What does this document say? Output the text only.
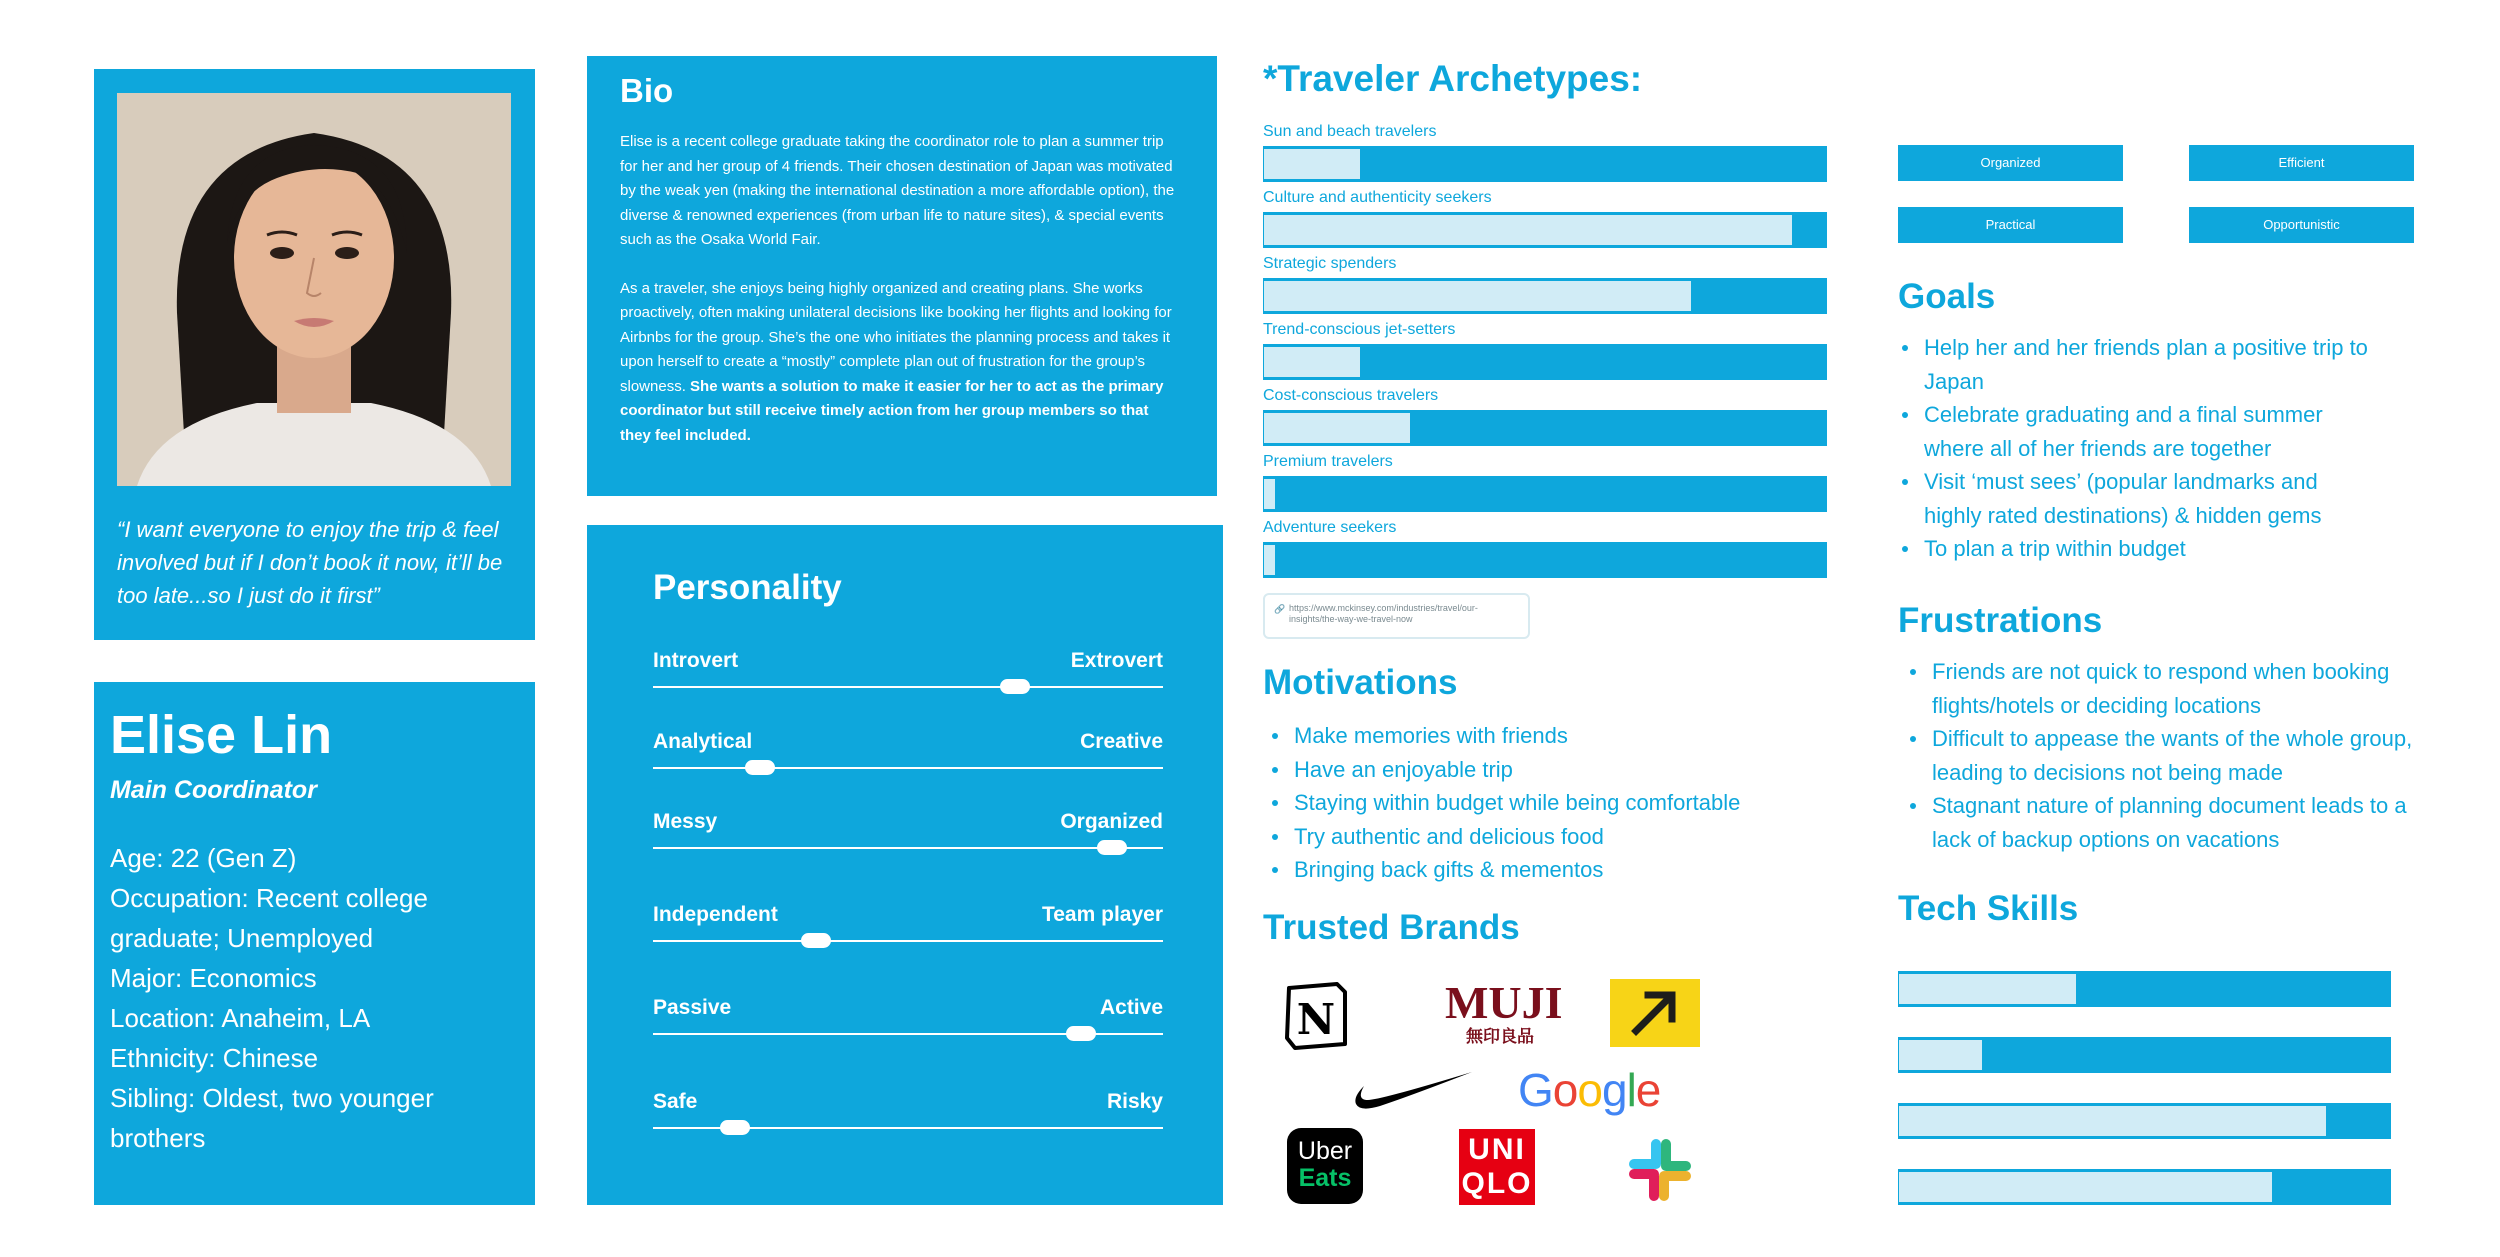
“I want everyone to enjoy the trip & feel involved but if I don’t book it now, it’ll be too late...so I just do it first”
Elise Lin
Main Coordinator
Age: 22 (Gen Z)
Occupation: Recent college graduate; Unemployed
Major: Economics
Location: Anaheim, LA
Ethnicity: Chinese
Sibling: Oldest, two younger brothers
Bio

Elise is a recent college graduate taking the coordinator role to plan a summer trip for her and her group of 4 friends. Their chosen destination of Japan was motivated by the weak yen (making the international destination a more affordable option), the diverse & renowned experiences (from urban life to nature sites), & special events such as the Osaka World Fair.

As a traveler, she enjoys being highly organized and creating plans. She works proactively, often making unilateral decisions like booking her flights and looking for Airbnbs for the group. She’s the one who initiates the planning process and takes it upon herself to create a “mostly” complete plan out of frustration for the group’s slowness. She wants a solution to make it easier for her to act as the primary coordinator but still receive timely action from her group members so that they feel included.

Personality
Introvert	Extrovert
Analytical	Creative
Messy	Organized
Independent	Team player
Passive	Active
Safe	Risky
*Traveler Archetypes:
Sun and beach travelers
Culture and authenticity seekers
Strategic spenders
Trend-conscious jet-setters
Cost-conscious travelers
Premium travelers
Adventure seekers
🔗 https://www.mckinsey.com/industries/travel/our-insights/the-way-we-travel-now
Motivations
Make memories with friends
Have an enjoyable trip
Staying within budget while being comfortable
Try authentic and delicious food
Bringing back gifts & mementos
Trusted Brands
N MUJI
無印良品
Google
Uber
Eats
UNI
QLO
Organized	Efficient
Practical	Opportunistic
Goals
Help her and her friends plan a positive trip to Japan
Celebrate graduating and a final summer where all of her friends are together
Visit ‘must sees’ (popular landmarks and highly rated destinations) & hidden gems
To plan a trip within budget
Frustrations
Friends are not quick to respond when booking flights/hotels or deciding locations
Difficult to appease the wants of the whole group, leading to decisions not being made
Stagnant nature of planning document leads to a lack of backup options on vacations
Tech Skills
